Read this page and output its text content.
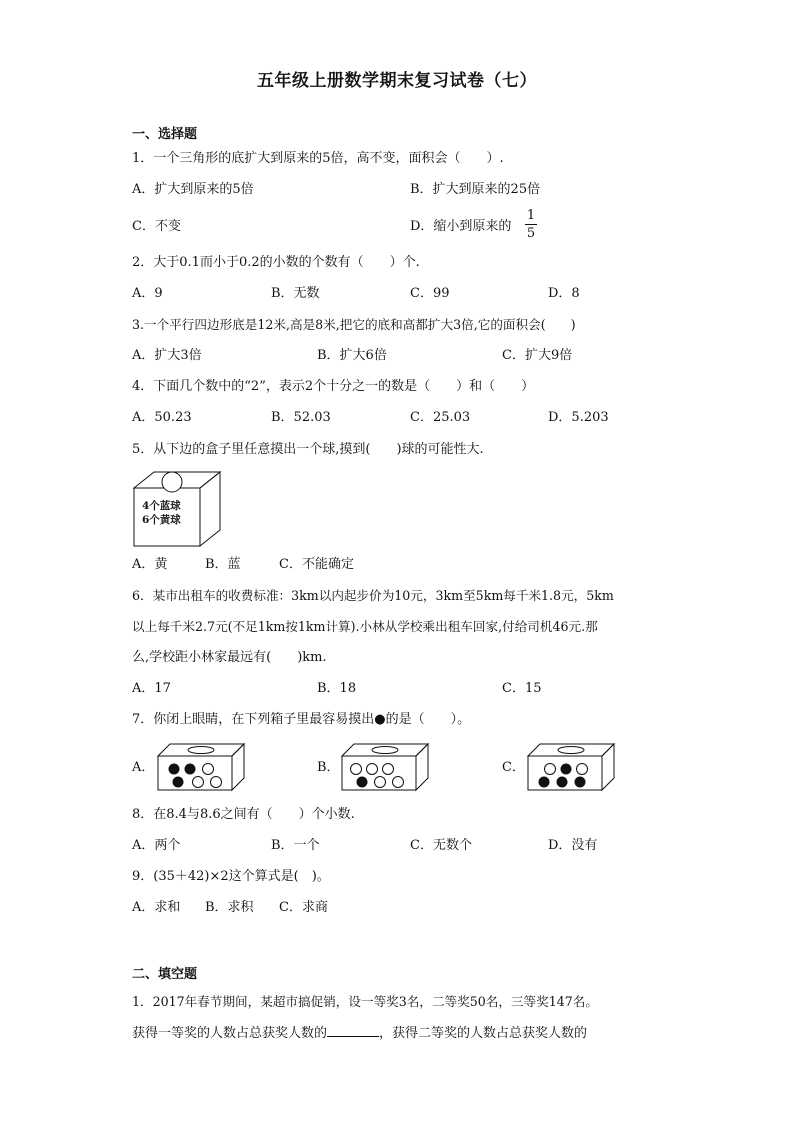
五年级上册数学期末复习试卷（七）
一、选择题
1．一个三角形的底扩大到原来的5倍，高不变，面积会（　　）.
A．扩大到原来的5倍	B．扩大到原来的25倍
C．不变	D．缩小到原来的
1
5
2．大于0.1而小于0.2的小数的个数有（　　）个.
A．9	B．无数	C．99	D．8
3.一个平行四边形底是12米,高是8米,把它的底和高都扩大3倍,它的面积会(　　)
A．扩大3倍	B．扩大6倍	C．扩大9倍
4．下面几个数中的“2”，表示2个十分之一的数是（　　）和（　　）
A．50.23	B．52.03	C．25.03	D．5.203
5．从下边的盒子里任意摸出一个球,摸到(　　)球的可能性大.
4个蓝球
6个黄球
A．黄	B．蓝	C．不能确定
6．某市出租车的收费标准：3km以内起步价为10元，3km至5km每千米1.8元，5km
以上每千米2.7元(不足1km按1km计算).小林从学校乘出租车回家,付给司机46元.那
么,学校距小林家最远有(　　)km.
A．17	B．18	C．15
7．你闭上眼睛，在下列箱子里最容易摸出●的是（　　）。
A．	B．	C．
8．在8.4与8.6之间有（　　）个小数.
A．两个	B．一个	C．无数个	D．没有
9．(35＋42)×2这个算式是(　)。
A．求和 B．求积 C．求商
二、填空题
1．2017年春节期间，某超市搞促销，设一等奖3名，二等奖50名，三等奖147名。
获得一等奖的人数占总获奖人数的	，获得二等奖的人数占总获奖人数的
